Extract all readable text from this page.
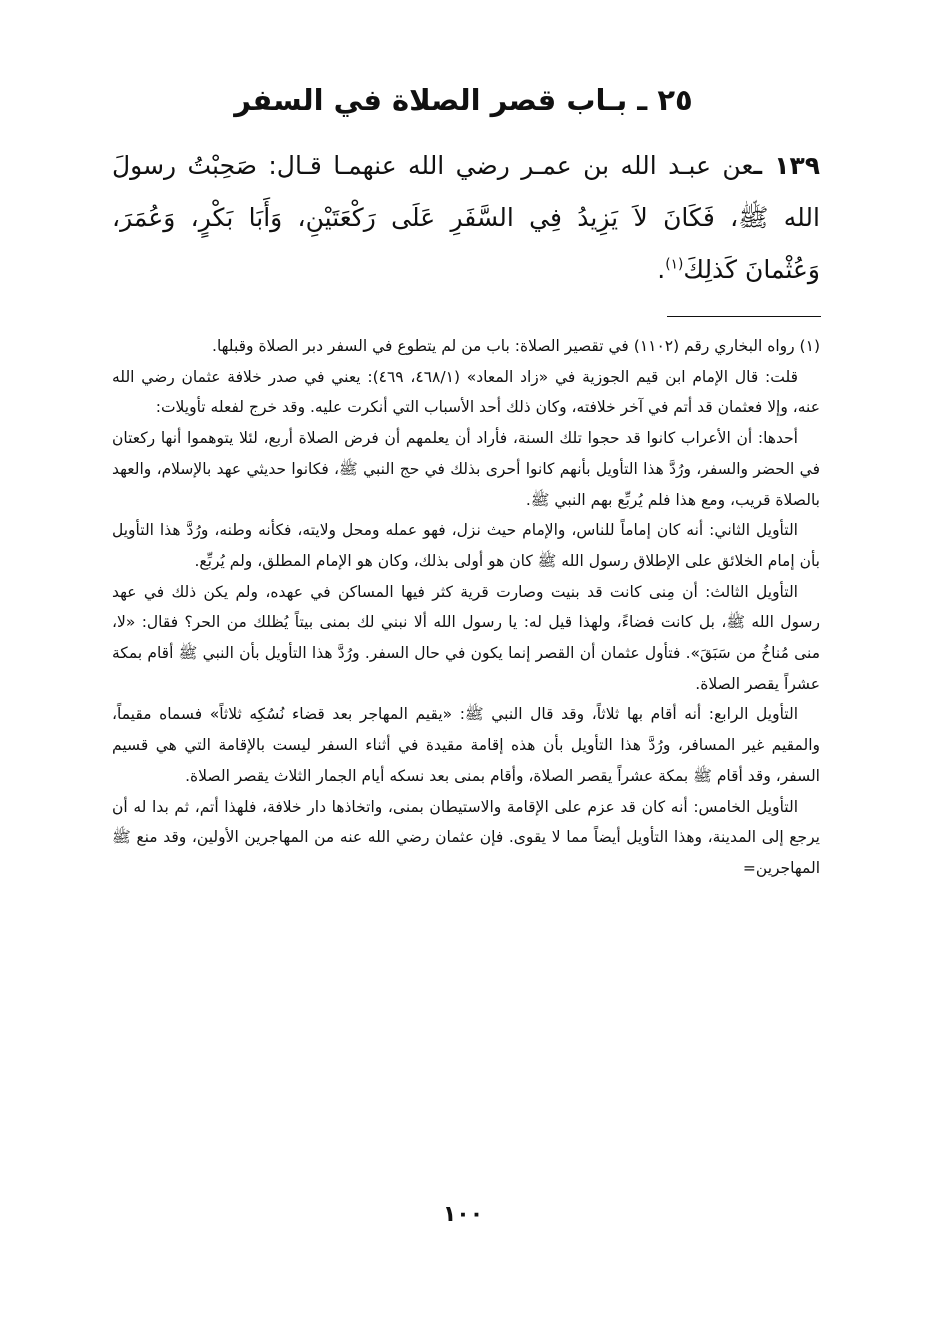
٢٥ ـ بـاب قصر الصلاة في السفر

١٣٩ ـعن عبـد الله بن عمـر رضي الله عنهمـا قـال: صَحِبْتُ رسولَ الله ﷺ، فَكَانَ لاَ يَزِيدُ فِي السَّفَرِ عَلَى رَكْعَتَيْنِ، وَأَبَا بَكْرٍ، وَعُمَرَ، وَعُثْمانَ كَذلِكَ$^{(١)}$.

(١) رواه البخاري رقم (١١٠٢) في تقصير الصلاة: باب من لم يتطوع في السفر دبر الصلاة وقبلها.

قلت: قال الإمام ابن قيم الجوزية في «زاد المعاد» (٤٦٨/١، ٤٦٩): يعني في صدر خلافة عثمان رضي الله عنه، وإلا فعثمان قد أتم في آخر خلافته، وكان ذلك أحد الأسباب التي أنكرت عليه. وقد خرج لفعله تأويلات:

أحدها: أن الأعراب كانوا قد حجوا تلك السنة، فأراد أن يعلمهم أن فرض الصلاة أربع، لئلا يتوهموا أنها ركعتان في الحضر والسفر، ورُدَّ هذا التأويل بأنهم كانوا أحرى بذلك في حج النبي ﷺ، فكانوا حديثي عهد بالإسلام، والعهد بالصلاة قريب، ومع هذا فلم يُربِّع بهم النبي ﷺ.

التأويل الثاني: أنه كان إماماً للناس، والإمام حيث نزل، فهو عمله ومحل ولايته، فكأنه وطنه، ورُدَّ هذا التأويل بأن إمام الخلائق على الإطلاق رسول الله ﷺ كان هو أولى بذلك، وكان هو الإمام المطلق، ولم يُربِّع.

التأويل الثالث: أن مِنى كانت قد بنيت وصارت قرية كثر فيها المساكن في عهده، ولم يكن ذلك في عهد رسول الله ﷺ، بل كانت فضاءً، ولهذا قيل له: يا رسول الله ألا نبني لك بمنى بيتاً يُظلك من الحر؟ فقال: «لا، منى مُناخُ من سَبَقَ». فتأول عثمان أن القصر إنما يكون في حال السفر. ورُدَّ هذا التأويل بأن النبي ﷺ أقام بمكة عشراً يقصر الصلاة.

التأويل الرابع: أنه أقام بها ثلاثاً، وقد قال النبي ﷺ: «يقيم المهاجر بعد قضاء نُسُكِه ثلاثاً» فسماه مقيماً، والمقيم غير المسافر، ورُدَّ هذا التأويل بأن هذه إقامة مقيدة في أثناء السفر ليست بالإقامة التي هي قسيم السفر، وقد أقام ﷺ بمكة عشراً يقصر الصلاة، وأقام بمنى بعد نسكه أيام الجمار الثلاث يقصر الصلاة.

التأويل الخامس: أنه كان قد عزم على الإقامة والاستيطان بمنى، واتخاذها دار خلافة، فلهذا أتم، ثم بدا له أن يرجع إلى المدينة، وهذا التأويل أيضاً مما لا يقوى. فإن عثمان رضي الله عنه من المهاجرين الأولين، وقد منع ﷺ المهاجرين=

١٠٠
